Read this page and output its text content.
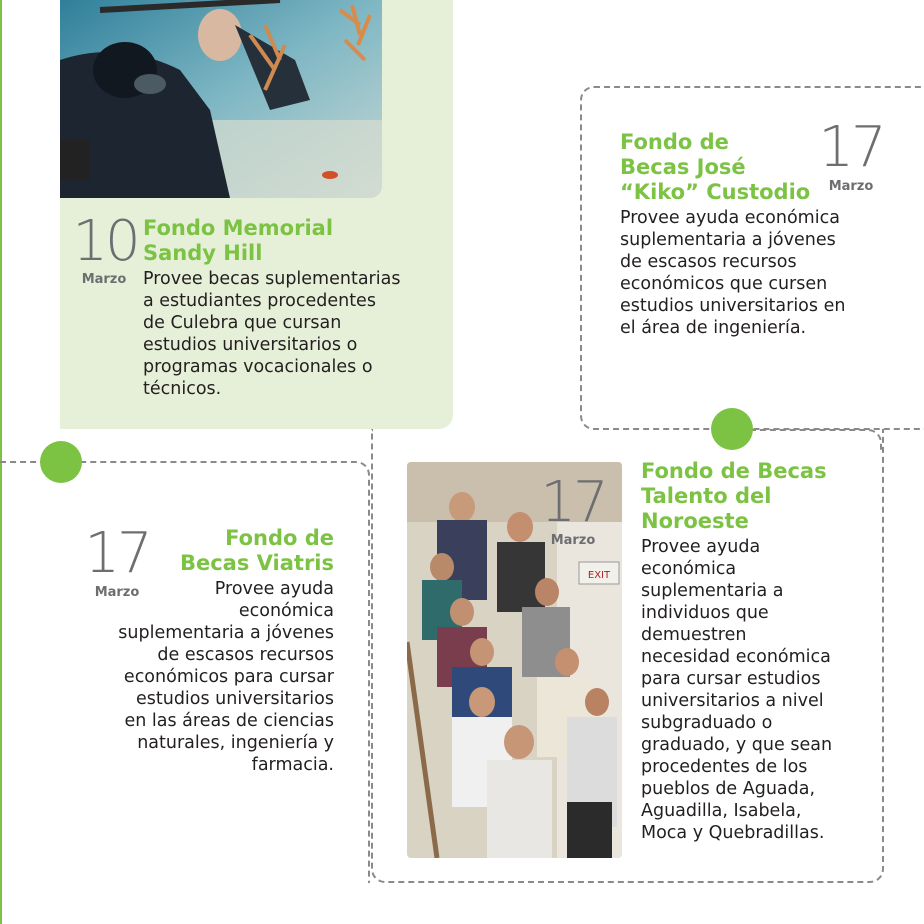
10
Marzo
Fondo Memorial
Sandy Hill
Provee becas suplementarias
a estudiantes procedentes
de Culebra que cursan
estudios universitarios o
programas vocacionales o
técnicos.
Fondo de
Becas José
“Kiko” Custodio
17
Marzo
Provee ayuda económica
suplementaria a jóvenes
de escasos recursos
económicos que cursen
estudios universitarios en
el área de ingeniería.
17
Marzo
Fondo de
Becas Viatris
Provee ayuda
económica
suplementaria a jóvenes
de escasos recursos
económicos para cursar
estudios universitarios
en las áreas de ciencias
naturales, ingeniería y
farmacia.
EXIT
17
Marzo
Fondo de Becas
Talento del
Noroeste
Provee ayuda
económica
suplementaria a
individuos que
demuestren
necesidad económica
para cursar estudios
universitarios a nivel
subgraduado o
graduado, y que sean
procedentes de los
pueblos de Aguada,
Aguadilla, Isabela,
Moca y Quebradillas.
